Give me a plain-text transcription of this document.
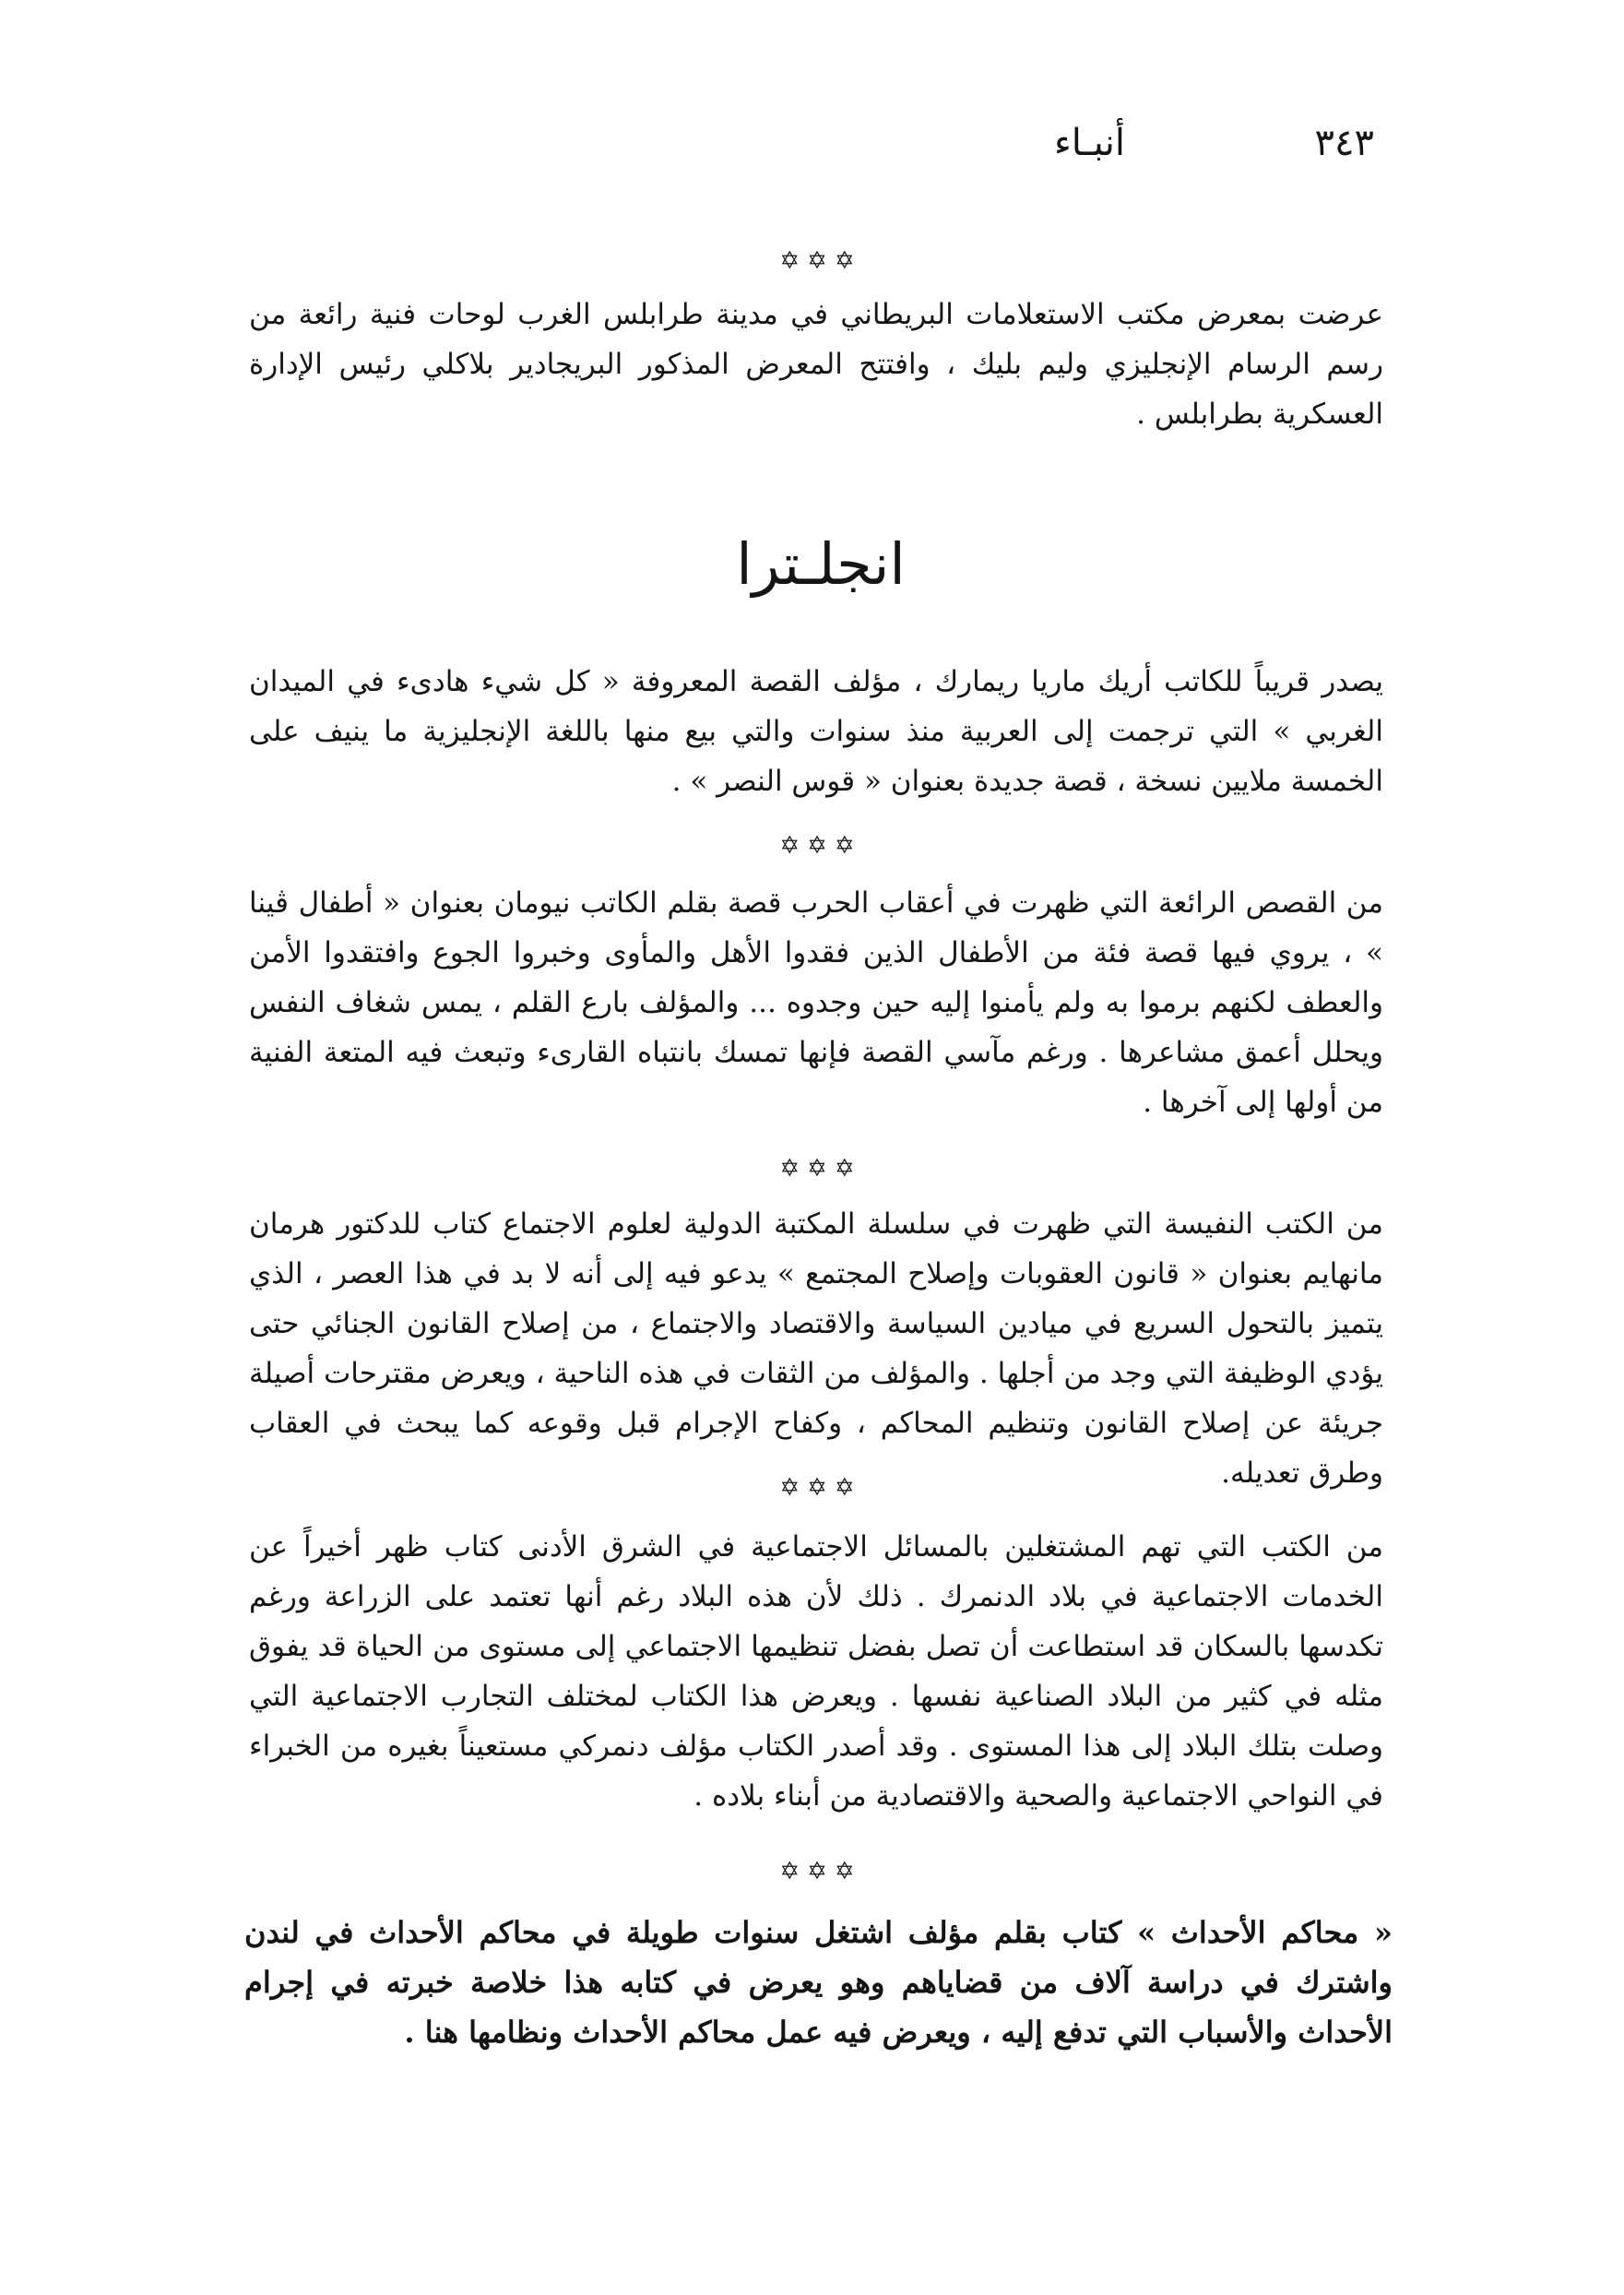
أنبـاء	٣٤٣
✡✡✡

عرضت بمعرض مكتب الاستعلامات البريطاني في مدينة طرابلس الغرب لوحات فنية رائعة من رسم الرسام الإنجليزي وليم بليك ، وافتتح المعرض المذكور البريجادير بلاكلي رئيس الإدارة العسكرية بطرابلس .

انجلـترا

يصدر قريباً للكاتب أريك ماريا ريمارك ، مؤلف القصة المعروفة « كل شيء هادىء في الميدان الغربي » التي ترجمت إلى العربية منذ سنوات والتي بيع منها باللغة الإنجليزية ما ينيف على الخمسة ملايين نسخة ، قصة جديدة بعنوان « قوس النصر » .

✡✡✡

من القصص الرائعة التي ظهرت في أعقاب الحرب قصة بقلم الكاتب نيومان بعنوان « أطفال ڤينا » ، يروي فيها قصة فئة من الأطفال الذين فقدوا الأهل والمأوى وخبروا الجوع وافتقدوا الأمن والعطف لكنهم برموا به ولم يأمنوا إليه حين وجدوه ... والمؤلف بارع القلم ، يمس شغاف النفس ويحلل أعمق مشاعرها . ورغم مآسي القصة فإنها تمسك بانتباه القارىء وتبعث فيه المتعة الفنية من أولها إلى آخرها .

✡✡✡

من الكتب النفيسة التي ظهرت في سلسلة المكتبة الدولية لعلوم الاجتماع كتاب للدكتور هرمان مانهايم بعنوان « قانون العقوبات وإصلاح المجتمع » يدعو فيه إلى أنه لا بد في هذا العصر ، الذي يتميز بالتحول السريع في ميادين السياسة والاقتصاد والاجتماع ، من إصلاح القانون الجنائي حتى يؤدي الوظيفة التي وجد من أجلها . والمؤلف من الثقات في هذه الناحية ، ويعرض مقترحات أصيلة جريئة عن إصلاح القانون وتنظيم المحاكم ، وكفاح الإجرام قبل وقوعه كما يبحث في العقاب وطرق تعديله.

✡✡✡

من الكتب التي تهم المشتغلين بالمسائل الاجتماعية في الشرق الأدنى كتاب ظهر أخيراً عن الخدمات الاجتماعية في بلاد الدنمرك . ذلك لأن هذه البلاد رغم أنها تعتمد على الزراعة ورغم تكدسها بالسكان قد استطاعت أن تصل بفضل تنظيمها الاجتماعي إلى مستوى من الحياة قد يفوق مثله في كثير من البلاد الصناعية نفسها . ويعرض هذا الكتاب لمختلف التجارب الاجتماعية التي وصلت بتلك البلاد إلى هذا المستوى . وقد أصدر الكتاب مؤلف دنمركي مستعيناً بغيره من الخبراء في النواحي الاجتماعية والصحية والاقتصادية من أبناء بلاده .

✡✡✡

« محاكم الأحداث » كتاب بقلم مؤلف اشتغل سنوات طويلة في محاكم الأحداث في لندن واشترك في دراسة آلاف من قضاياهم وهو يعرض في كتابه هذا خلاصة خبرته في إجرام الأحداث والأسباب التي تدفع إليه ، ويعرض فيه عمل محاكم الأحداث ونظامها هنا .
